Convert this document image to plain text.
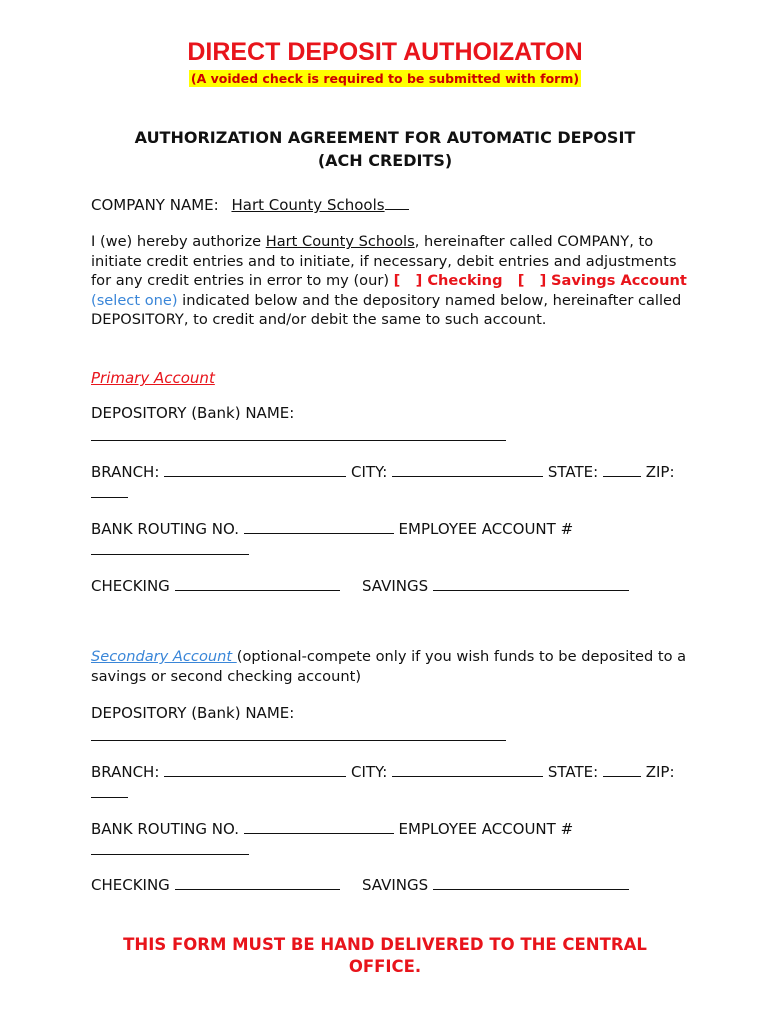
DIRECT DEPOSIT AUTHOIZATON
(A voided check is required to be submitted with form)
AUTHORIZATION AGREEMENT FOR AUTOMATIC DEPOSIT
(ACH CREDITS)
COMPANY NAME: Hart County Schools
I (we) hereby authorize Hart County Schools, hereinafter called COMPANY, to initiate credit entries and to initiate, if necessary, debit entries and adjustments for any credit entries in error to my (our) [   ] Checking   [   ] Savings Account (select one) indicated below and the depository named below, hereinafter called DEPOSITORY, to credit and/or debit the same to such account.
Primary Account
DEPOSITORY (Bank) NAME:
BRANCH:	CITY:	STATE:	ZIP:
BANK ROUTING NO.	EMPLOYEE ACCOUNT #
CHECKING	SAVINGS
Secondary Account (optional-compete only if you wish funds to be deposited to a savings or second checking account)
DEPOSITORY (Bank) NAME:
BRANCH:	CITY:	STATE:	ZIP:
BANK ROUTING NO.	EMPLOYEE ACCOUNT #
CHECKING	SAVINGS
THIS FORM MUST BE HAND DELIVERED TO THE CENTRAL
OFFICE.
